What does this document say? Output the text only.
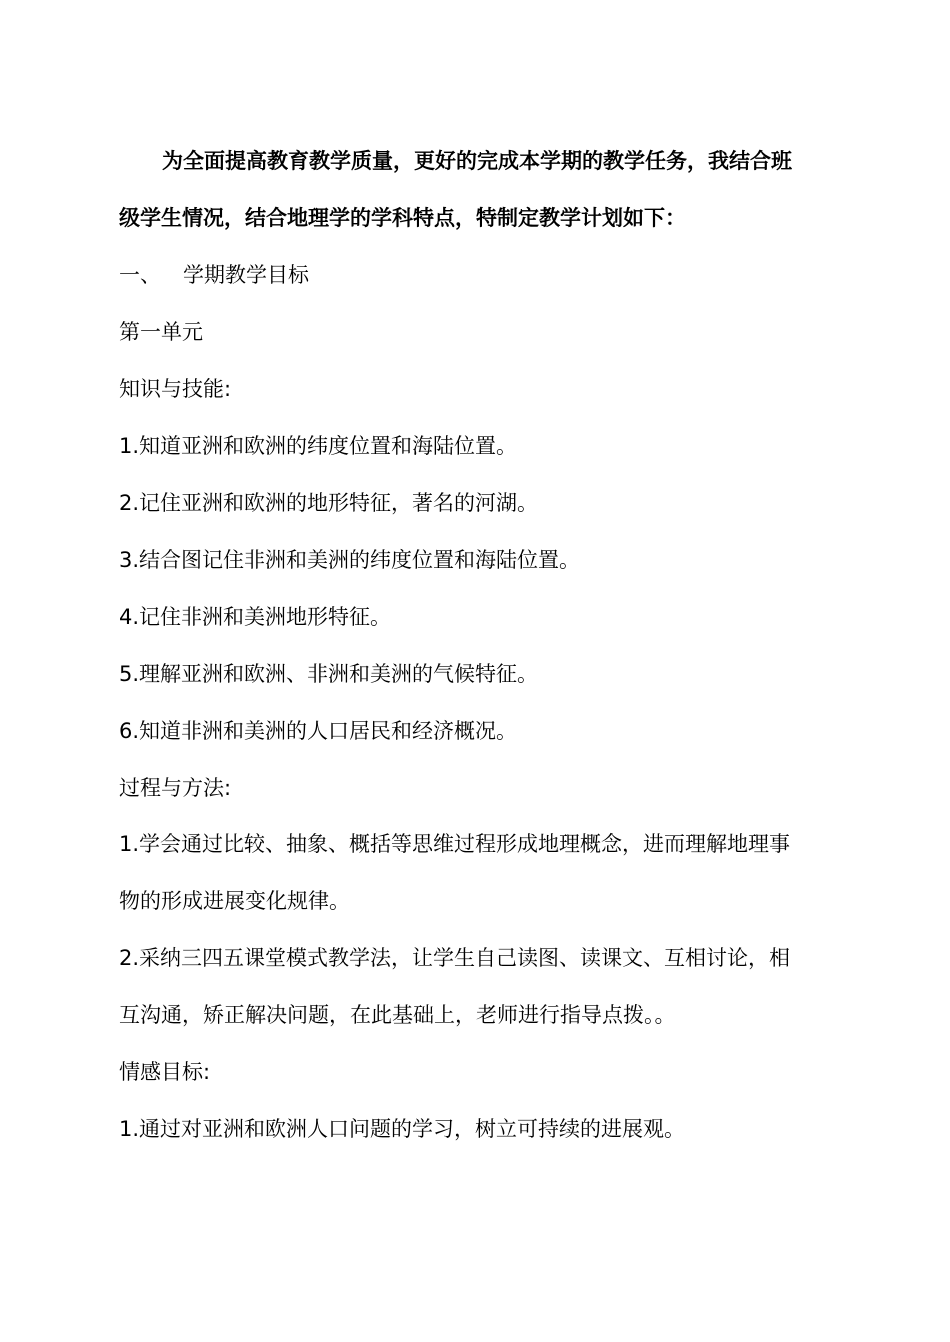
为全面提高教育教学质量，更好的完成本学期的教学任务，我结合班
级学生情况，结合地理学的学科特点，特制定教学计划如下：
一、 学期教学目标
第一单元
知识与技能:
1.知道亚洲和欧洲的纬度位置和海陆位置。
2.记住亚洲和欧洲的地形特征，著名的河湖。
3.结合图记住非洲和美洲的纬度位置和海陆位置。
4.记住非洲和美洲地形特征。
5.理解亚洲和欧洲、非洲和美洲的气候特征。
6.知道非洲和美洲的人口居民和经济概况。
过程与方法:
1.学会通过比较、抽象、概括等思维过程形成地理概念，进而理解地理事
物的形成进展变化规律。
2.采纳三四五课堂模式教学法，让学生自己读图、读课文、互相讨论，相
互沟通，矫正解决问题，在此基础上，老师进行指导点拨。。
情感目标:
1.通过对亚洲和欧洲人口问题的学习，树立可持续的进展观。
